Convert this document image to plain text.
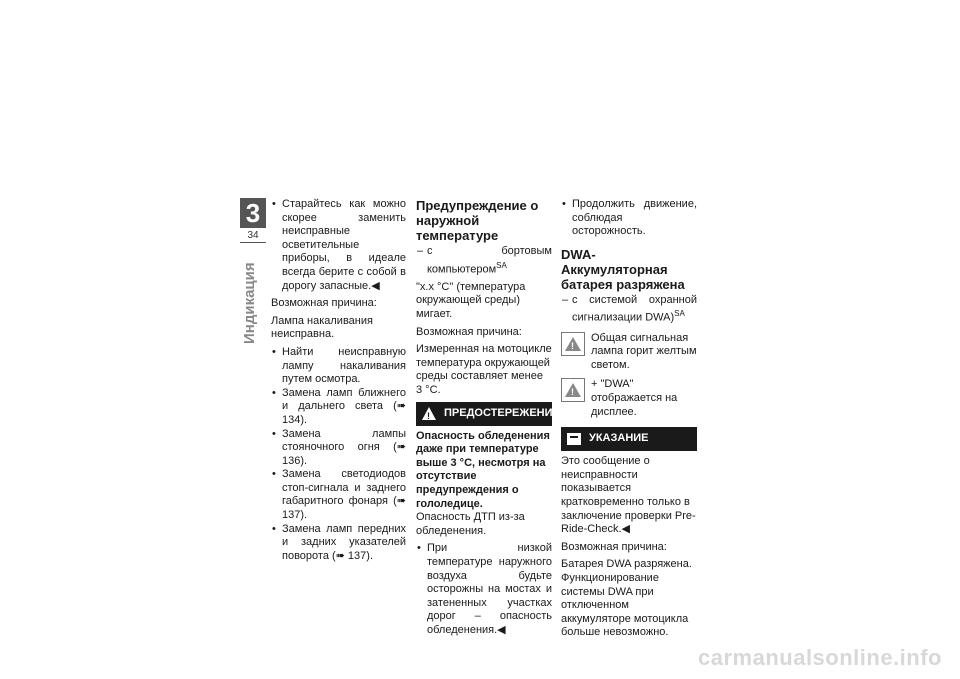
3
34
Индикация
• Старайтесь как можно скорее заменить неисправные осветительные приборы, в идеале всегда берите с собой в дорогу запасные.◀

Возможная причина:

Лампа накаливания неисправна.

• Найти неисправную лампу накаливания путем осмотра.
• Замена ламп ближнего и дальнего света (➠ 134).
• Замена лампы стояночного огня (➠ 136).
• Замена светодиодов стоп-сигнала и заднего габаритного фонаря (➠ 137).
• Замена ламп передних и задних указателей поворота (➠ 137).
Предупреждение о наружной температуре
– с бортовым компьютером$^{SA}$

"x.x °C" (температура окружающей среды) мигает.

Возможная причина:

Измеренная на мотоцикле температура окружающей среды составляет менее 3 °C.

! ПРЕДОСТЕРЕЖЕНИЕ

Опасность обледенения даже при температуре выше 3 °C, несмотря на отсутствие предупреждения о гололедице.

Опасность ДТП из-за обледенения.

• При низкой температуре наружного воздуха будьте осторожны на мостах и затененных участках дорог – опасность обледенения.◀
• Продолжить движение, соблюдая осторожность.
DWA-Аккумуляторная батарея разряжена
– с системой охранной сигнализации DWA)$^{SA}$
!
Общая сигнальная лампа горит желтым светом.
!
+ "DWA" отображается на дисплее.
УКАЗАНИЕ

Это сообщение о неисправности показывается кратковременно только в заключение проверки Pre-Ride-Check.◀

Возможная причина:

Батарея DWA разряжена. Функционирование системы DWA при отключенном аккумуляторе мотоцикла больше невозможно.

carmanualsonline.info
